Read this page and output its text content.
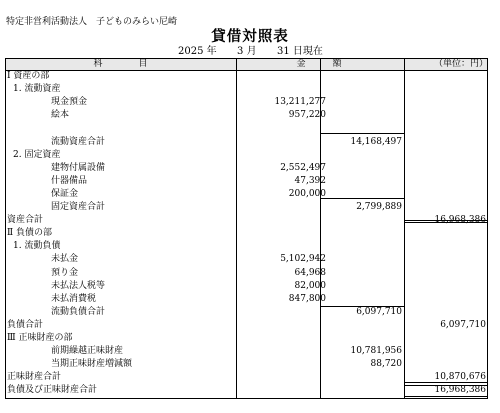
特定非営利活動法人　子どものみらい尼崎
貸借対照表
2025 年 3 月 31 日現在
科　　　　目	金　　　額	（単位：円）
Ⅰ 資産の部
1. 流動資産
現金預金	13,211,277
絵本	957,220
流動資産合計	14,168,497
2. 固定資産
建物付属設備	2,552,497
什器備品	47,392
保証金	200,000
固定資産合計	2,799,889
資産合計	16,968,386
Ⅱ 負債の部
1. 流動負債
未払金	5,102,942
預り金	64,968
未払法人税等	82,000
未払消費税	847,800
流動負債合計	6,097,710
負債合計	6,097,710
Ⅲ 正味財産の部
前期繰越正味財産	10,781,956
当期正味財産増減額	88,720
正味財産合計	10,870,676
負債及び正味財産合計	16,968,386
